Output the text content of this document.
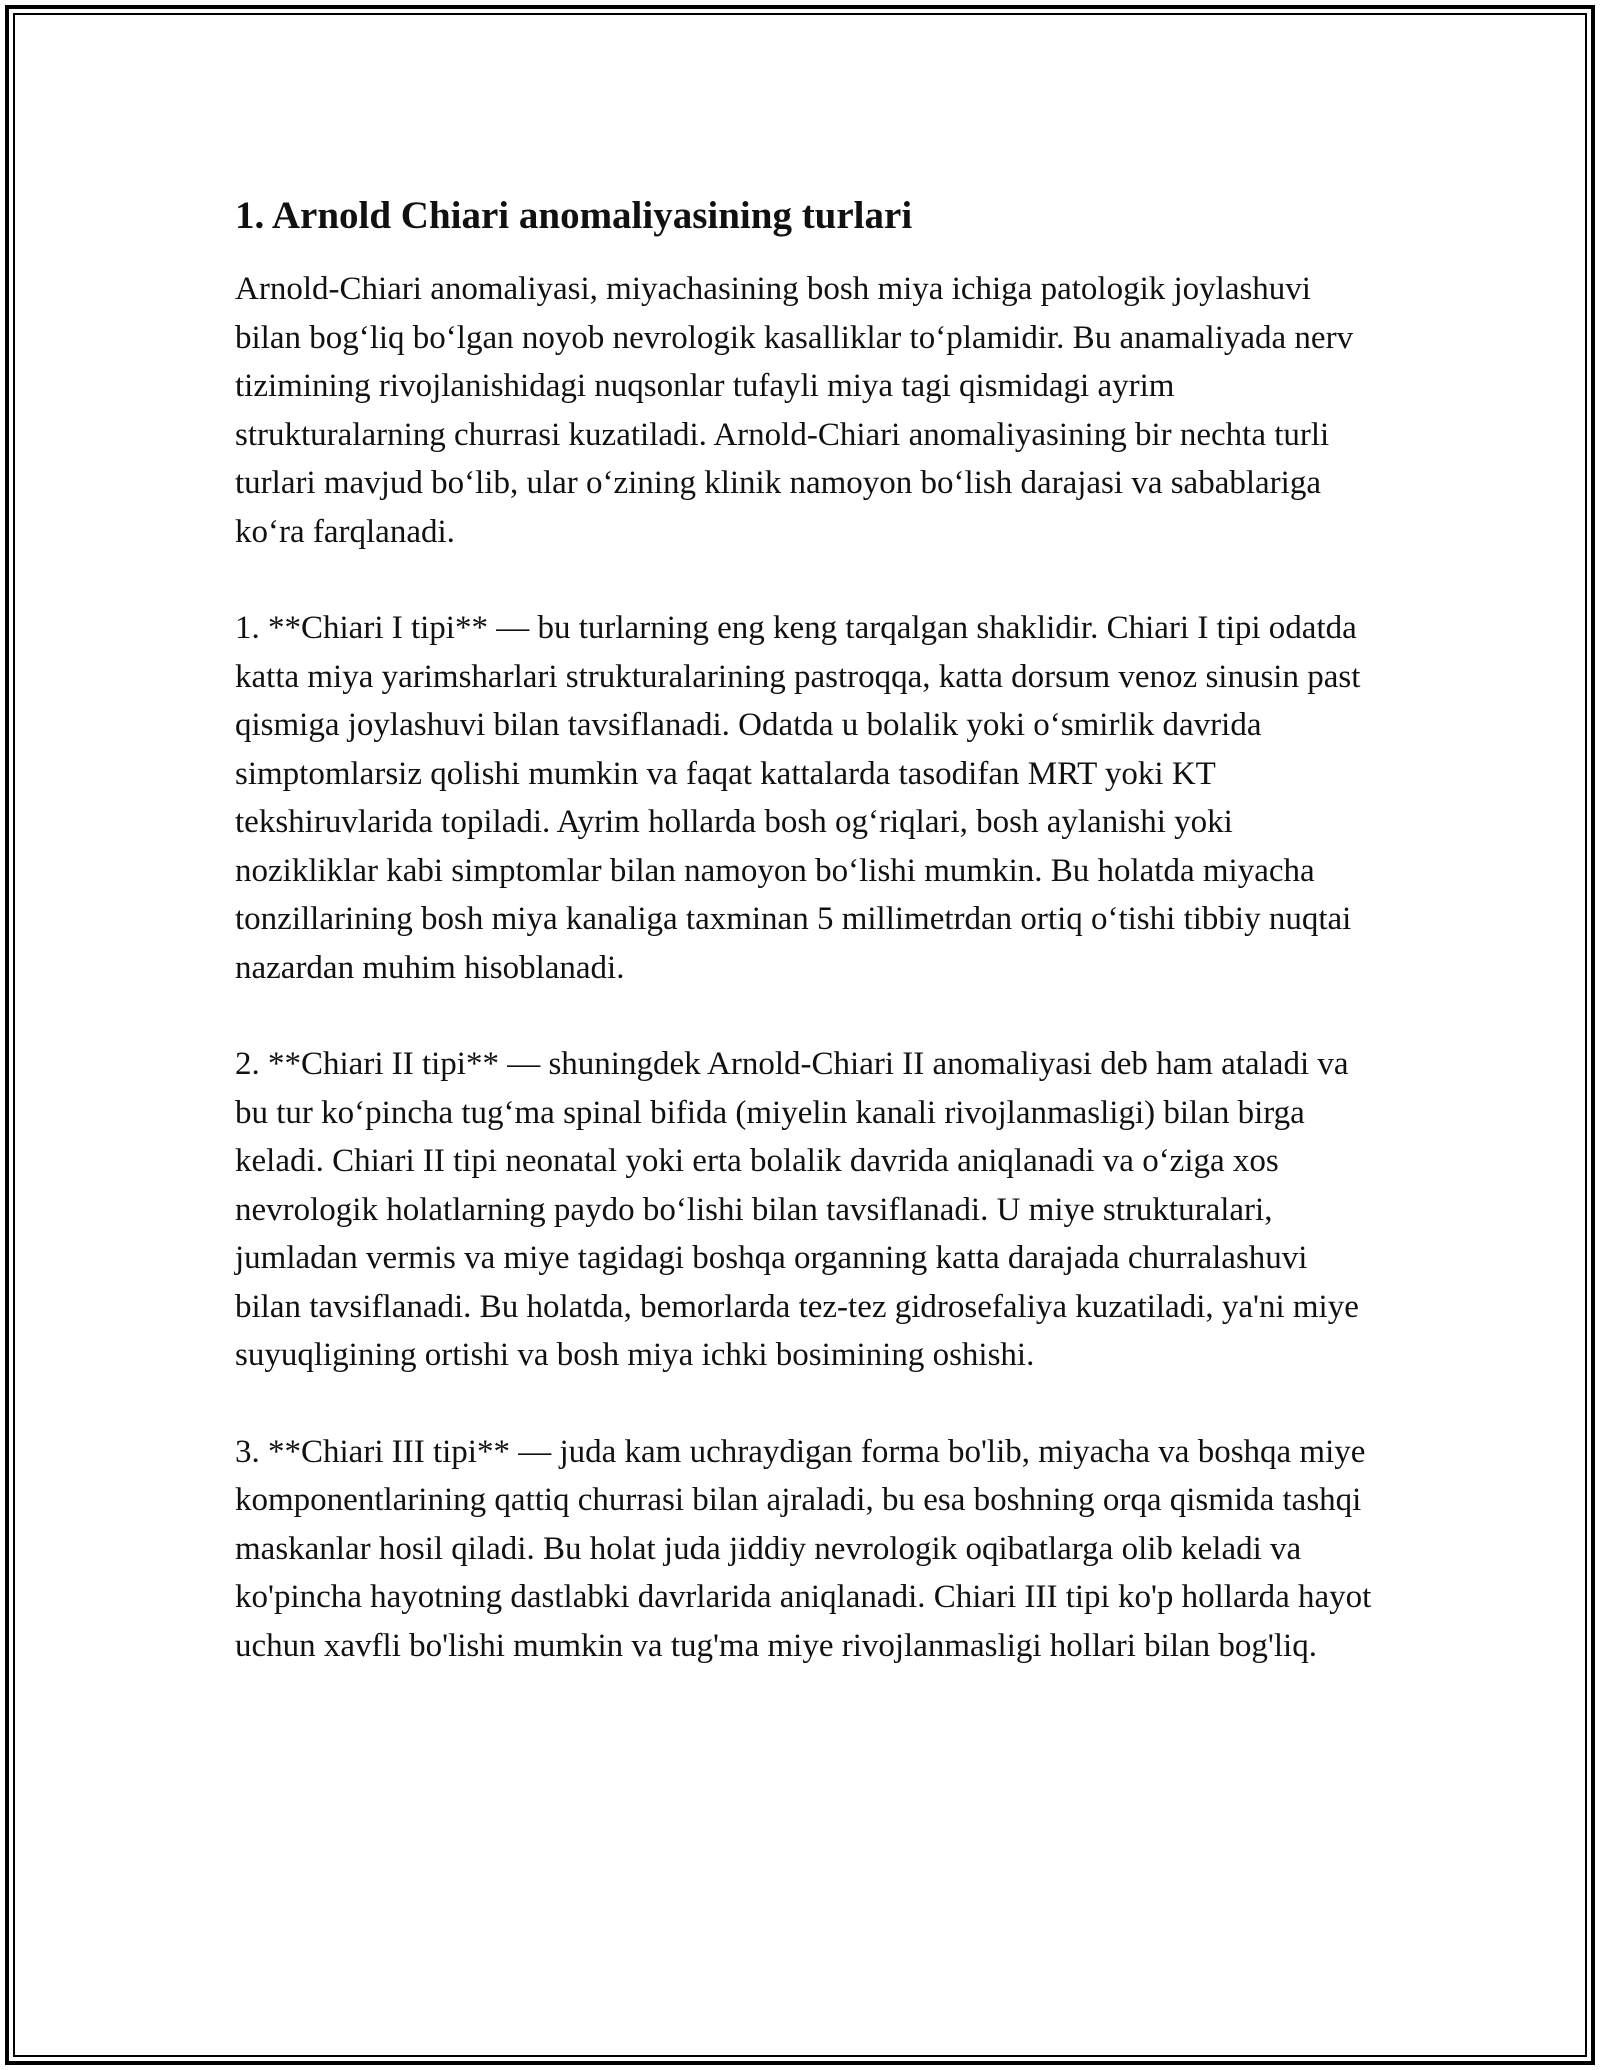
1. Arnold Chiari anomaliyasining turlari

Arnold-Chiari anomaliyasi, miyachasining bosh miya ichiga patologik joylashuvi bilan bog‘liq bo‘lgan noyob nevrologik kasalliklar to‘plamidir. Bu anamaliyada nerv tizimining rivojlanishidagi nuqsonlar tufayli miya tagi qismidagi ayrim strukturalarning churrasi kuzatiladi. Arnold-Chiari anomaliyasining bir nechta turli turlari mavjud bo‘lib, ular o‘zining klinik namoyon bo‘lish darajasi va sabablariga ko‘ra farqlanadi.

1. **Chiari I tipi** — bu turlarning eng keng tarqalgan shaklidir. Chiari I tipi odatda katta miya yarimsharlari strukturalarining pastroqqa, katta dorsum venoz sinusin past qismiga joylashuvi bilan tavsiflanadi. Odatda u bolalik yoki o‘smirlik davrida simptomlarsiz qolishi mumkin va faqat kattalarda tasodifan MRT yoki KT tekshiruvlarida topiladi. Ayrim hollarda bosh og‘riqlari, bosh aylanishi yoki nozikliklar kabi simptomlar bilan namoyon bo‘lishi mumkin. Bu holatda miyacha tonzillarining bosh miya kanaliga taxminan 5 millimetrdan ortiq o‘tishi tibbiy nuqtai nazardan muhim hisoblanadi.

2. **Chiari II tipi** — shuningdek Arnold-Chiari II anomaliyasi deb ham ataladi va bu tur ko‘pincha tug‘ma spinal bifida (miyelin kanali rivojlanmasligi) bilan birga keladi. Chiari II tipi neonatal yoki erta bolalik davrida aniqlanadi va o‘ziga xos nevrologik holatlarning paydo bo‘lishi bilan tavsiflanadi. U miye strukturalari, jumladan vermis va miye tagidagi boshqa organning katta darajada churralashuvi bilan tavsiflanadi. Bu holatda, bemorlarda tez-tez gidrosefaliya kuzatiladi, ya'ni miye suyuqligining ortishi va bosh miya ichki bosimining oshishi.

3. **Chiari III tipi** — juda kam uchraydigan forma bo'lib, miyacha va boshqa miye komponentlarining qattiq churrasi bilan ajraladi, bu esa boshning orqa qismida tashqi maskanlar hosil qiladi. Bu holat juda jiddiy nevrologik oqibatlarga olib keladi va ko'pincha hayotning dastlabki davrlarida aniqlanadi. Chiari III tipi ko'p hollarda hayot uchun xavfli bo'lishi mumkin va tug'ma miye rivojlanmasligi hollari bilan bog'liq.
